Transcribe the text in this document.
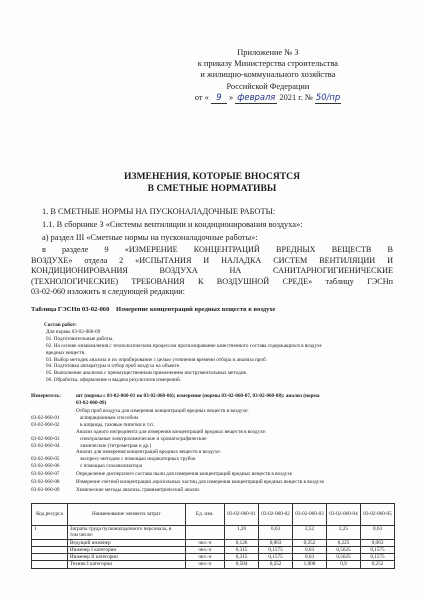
Приложение № 3
к приказу Министерства строительства
и жилищно-коммунального хозяйства
Российской Федерации
от « 9 » февраля 2021 г. № 50/пр
ИЗМЕНЕНИЯ, КОТОРЫЕ ВНОСЯТСЯ
В СМЕТНЫЕ НОРМАТИВЫ
1. В СМЕТНЫЕ НОРМЫ НА ПУСКОНАЛАДОЧНЫЕ РАБОТЫ:
1.1. В сборнике 3 «Системы вентиляции и кондиционирования воздуха»:
а) раздел III «Сметные нормы на пусконаладочные работы»:
в разделе 9 «ИЗМЕРЕНИЕ КОНЦЕНТРАЦИЙ ВРЕДНЫХ ВЕЩЕСТВ В
ВОЗДУХЕ» отдела 2 «ИСПЫТАНИЯ И НАЛАДКА СИСТЕМ ВЕНТИЛЯЦИИ И
КОНДИЦИОНИРОВАНИЯ ВОЗДУХА НА САНИТАРНОГИГИЕНИЧЕСКИЕ
(ТЕХНОЛОГИЧЕСКИЕ) ТРЕБОВАНИЯ К ВОЗДУШНОЙ СРЕДЕ» таблицу ГЭСНп
03-02-060 изложить в следующей редакции:
Таблица ГЭСНп 03-02-060    Измерение концентраций вредных веществ в воздухе
Состав работ:
Для нормы 03-02-060-09
01. Подготовительные работы.
02. На основе ознакомления с технологическим процессом прогнозирование качественного состава содержащихся в воздухе
вредных веществ.
03. Выбор методик анализа и их опробирование с целью уточнения времени отбора и анализа проб.
04. Подготовка аппаратуры и отбор проб воздуха на объекте.
05. Выполнение анализов с преимущественным применением инструментальных методов.
06. Обработка, оформление и выдача результатов измерений.
Измеритель:	шт (нормы с 03-02-060-01 по 03-02-060-06); измерение (нормы 03-02-060-07, 03-02-060-08); анализ (норма
03-02-060-09)
Отбор проб воздуха для измерения концентраций вредных веществ в воздухе:
03-02-060-01	аспирационным способом
03-02-060-02	в шприцы, газовые пипетки и т.п.
Анализ одного ингредиента для измерения концентраций вредных веществ в воздухе:
03-02-060-03	спектральные электрохимические и хроматографические
03-02-060-04	химические (титрометрия и др.)
Анализ для измерения концентраций вредных веществ в воздухе:
03-02-060-05	экспресс-методом с помощью индикаторных трубок
03-02-060-06	с помощью газоанализатора
03-02-060-07	Определение дисперсного состава пыли для измерения концентраций вредных веществ в воздухе
03-02-060-08	Измерение счетной концентрации аэрозольных частиц для измерения концентраций вредных веществ в воздухе
03-02-060-09	Химические методы анализа, гравиметрический анализ
Код ресурса	Наименование элемента затрат	Ед. изм.	03-02-060-01	03-02-060-02	03-02-060-03	03-02-060-04	03-02-060-05
1	Затраты труда пусконаладочного персонала, в
том числе:		1,26	0,63	2,52	2,25	0,63
	Ведущий инженер	чел.-ч	0,126	0,063	0,252	0,225	0,063
	Инженер I категории	чел.-ч	0,315	0,1575	0,63	0,5625	0,1575
	Инженер II категории	чел.-ч	0,315	0,1575	0,63	0,5625	0,1575
	Техник I категории	чел.-ч	0,504	0,252	1,008	0,9	0,252
